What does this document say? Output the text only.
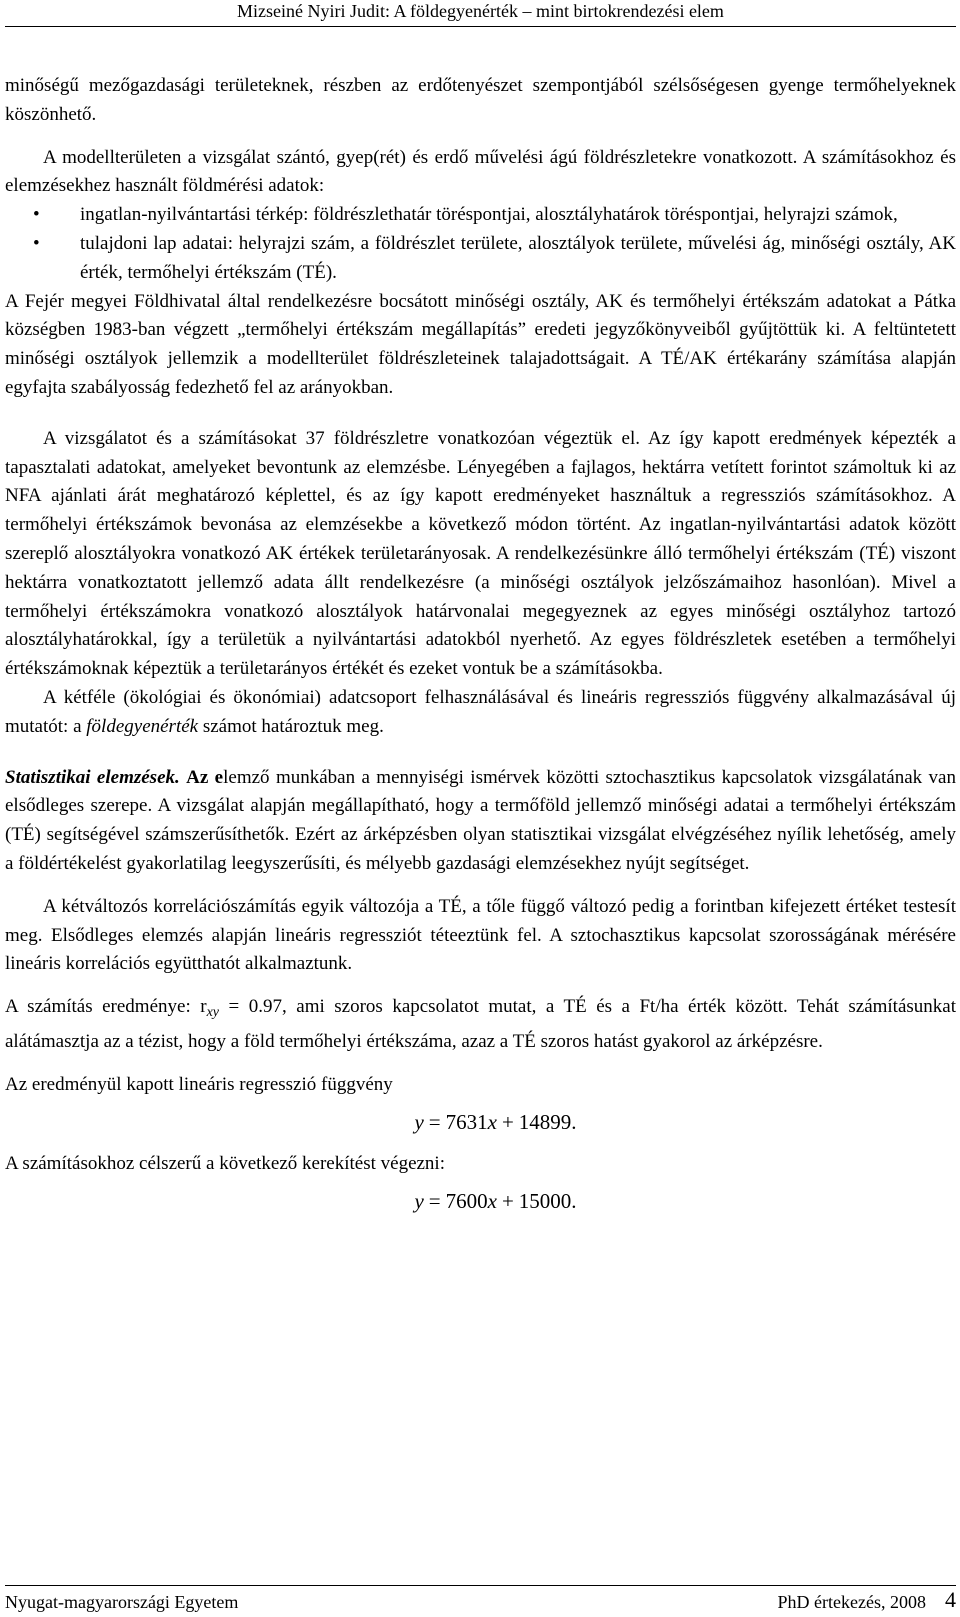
Mizseiné Nyiri Judit: A földegyenérték – mint birtokrendezési elem

minőségű mezőgazdasági területeknek, részben az erdőtenyészet szempontjából szélsőségesen gyenge termőhelyeknek köszönhető.

A modellterületen a vizsgálat szántó, gyep(rét) és erdő művelési ágú földrészletekre vonatkozott. A számításokhoz és elemzésekhez használt földmérési adatok:

• ingatlan-nyilvántartási térkép: földrészlethatár töréspontjai, alosztályhatárok töréspontjai, helyrajzi számok,
• tulajdoni lap adatai: helyrajzi szám, a földrészlet területe, alosztályok területe, művelési ág, minőségi osztály, AK érték, termőhelyi értékszám (TÉ).

A Fejér megyei Földhivatal által rendelkezésre bocsátott minőségi osztály, AK és termőhelyi értékszám adatokat a Pátka községben 1983-ban végzett „termőhelyi értékszám megállapítás” eredeti jegyzőkönyveiből gyűjtöttük ki. A feltüntetett minőségi osztályok jellemzik a modellterület földrészleteinek talajadottságait. A TÉ/AK értékarány számítása alapján egyfajta szabályosság fedezhető fel az arányokban.

A vizsgálatot és a számításokat 37 földrészletre vonatkozóan végeztük el. Az így kapott eredmények képezték a tapasztalati adatokat, amelyeket bevontunk az elemzésbe. Lényegében a fajlagos, hektárra vetített forintot számoltuk ki az NFA ajánlati árát meghatározó képlettel, és az így kapott eredményeket használtuk a regressziós számításokhoz. A termőhelyi értékszámok bevonása az elemzésekbe a következő módon történt. Az ingatlan-nyilvántartási adatok között szereplő alosztályokra vonatkozó AK értékek területarányosak. A rendelkezésünkre álló termőhelyi értékszám (TÉ) viszont hektárra vonatkoztatott jellemző adata állt rendelkezésre (a minőségi osztályok jelzőszámaihoz hasonlóan). Mivel a termőhelyi értékszámokra vonatkozó alosztályok határvonalai megegyeznek az egyes minőségi osztályhoz tartozó alosztályhatárokkal, így a területük a nyilvántartási adatokból nyerhető. Az egyes földrészletek esetében a termőhelyi értékszámoknak képeztük a területarányos értékét és ezeket vontuk be a számításokba.

A kétféle (ökológiai és ökonómiai) adatcsoport felhasználásával és lineáris regressziós függvény alkalmazásával új mutatót: a földegyenérték számot határoztuk meg.

Statisztikai elemzések. Az elemző munkában a mennyiségi ismérvek közötti sztochasztikus kapcsolatok vizsgálatának van elsődleges szerepe. A vizsgálat alapján megállapítható, hogy a termőföld jellemző minőségi adatai a termőhelyi értékszám (TÉ) segítségével számszerűsíthetők. Ezért az árképzésben olyan statisztikai vizsgálat elvégzéséhez nyílik lehetőség, amely a földértékelést gyakorlatilag leegyszerűsíti, és mélyebb gazdasági elemzésekhez nyújt segítséget.

A kétváltozós korrelációszámítás egyik változója a TÉ, a tőle függő változó pedig a forintban kifejezett értéket testesít meg. Elsődleges elemzés alapján lineáris regressziót téteeztünk fel. A sztochasztikus kapcsolat szorosságának mérésére lineáris korrelációs együtthatót alkalmaztunk.

A számítás eredménye: $r_{xy} = 0.97$, ami szoros kapcsolatot mutat, a TÉ és a Ft/ha érték között. Tehát számításunkat alátámasztja az a tézist, hogy a föld termőhelyi értékszáma, azaz a TÉ szoros hatást gyakorol az árképzésre.

Az eredményül kapott lineáris regresszió függvény

y = 7631x + 14899.

A számításokhoz célszerű a következő kerekítést végezni:

y = 7600x + 15000.
Nyugat-magyarországi Egyetem	PhD értekezés, 2008 4
